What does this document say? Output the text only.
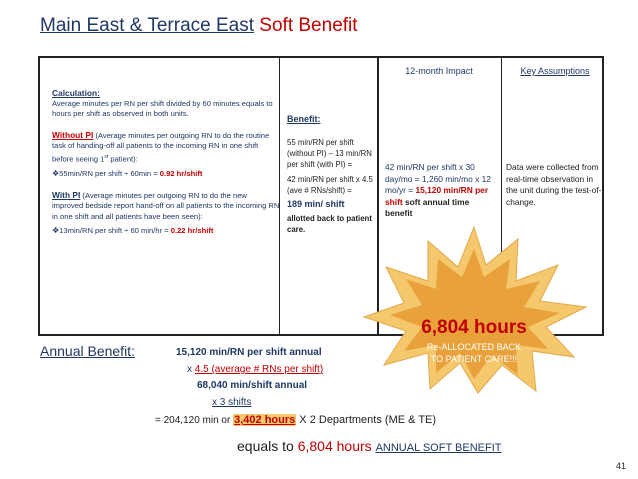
Main East & Terrace East Soft Benefit
Calculation:
Average minutes per RN per shift divided by 60 minutes equals to hours per shift as observed in both units.
Without PI (Average minutes per outgoing RN to do the routine task of handing-off all patients to the incoming RN in one shift before seeing 1st patient):
❖55min/RN per shift ÷ 60min = 0.92 hr/shift
With PI (Average minutes per outgoing RN to do the new improved bedside report hand-off on all patients to the incoming RN in one shift and all patients have been seen):
❖13min/RN per shift ÷ 60 min/hr = 0.22 hr/shift
Benefit:
55 min/RN per shift (without PI) – 13 min/RN per shift (with PI) =
42 min/RN per shift x 4.5 (ave # RNs/shift) =
189 min/ shift
allotted back to patient care.
12-month Impact
42 min/RN per shift x 30 day/mo = 1,260 min/mo x 12 mo/yr = 15,120 min/RN per shift soft annual time benefit
Key Assumptions
Data were collected from real-time observation in the unit during the test-of-change.
6,804 hours
Re-ALLOCATED BACK
TO PATIENT CARE!!!
Annual Benefit:	15,120 min/RN per shift annual
x 4.5 (average # RNs per shift)
68,040 min/shift annual
x 3 shifts
= 204,120 min or 3,402 hours X 2 Departments (ME & TE)
equals to 6,804 hours ANNUAL SOFT BENEFIT
41
